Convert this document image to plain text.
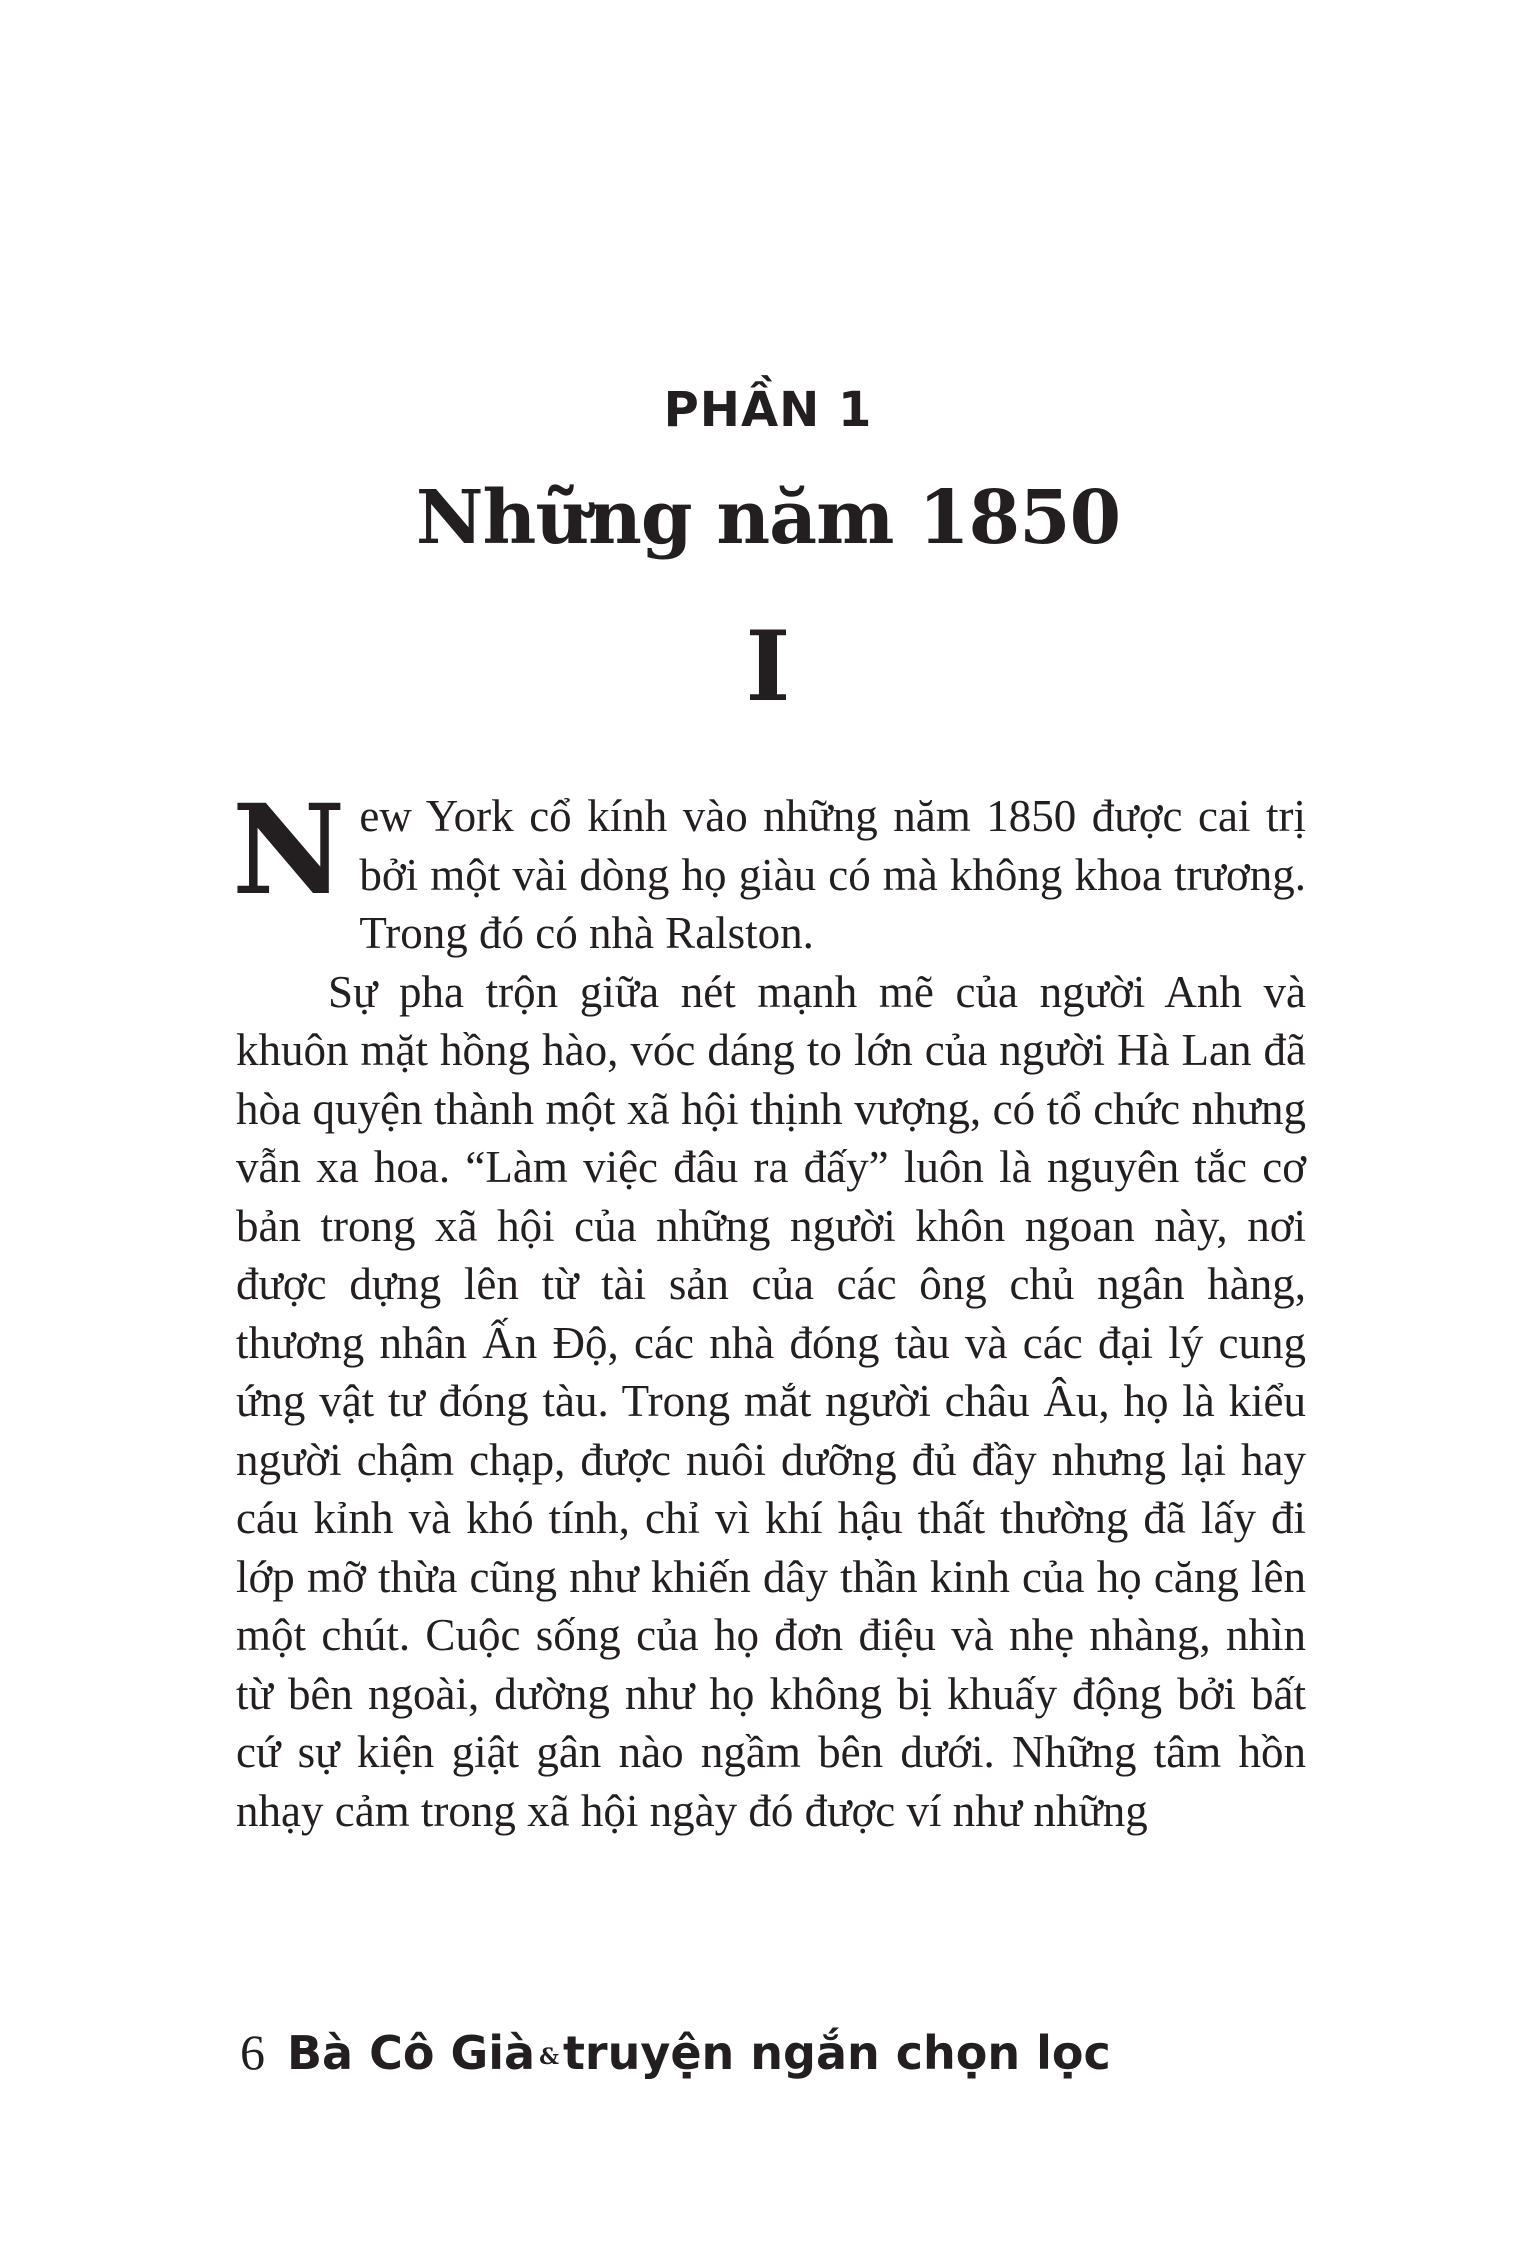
PHẦN 1
Những năm 1850
I

New York cổ kính vào những năm 1850 được cai trị bởi một vài dòng họ giàu có mà không khoa trương. Trong đó có nhà Ralston.

Sự pha trộn giữa nét mạnh mẽ của người Anh và khuôn mặt hồng hào, vóc dáng to lớn của người Hà Lan đã hòa quyện thành một xã hội thịnh vượng, có tổ chức nhưng vẫn xa hoa. “Làm việc đâu ra đấy” luôn là nguyên tắc cơ bản trong xã hội của những người khôn ngoan này, nơi được dựng lên từ tài sản của các ông chủ ngân hàng, thương nhân Ấn Độ, các nhà đóng tàu và các đại lý cung ứng vật tư đóng tàu. Trong mắt người châu Âu, họ là kiểu người chậm chạp, được nuôi dưỡng đủ đầy nhưng lại hay cáu kỉnh và khó tính, chỉ vì khí hậu thất thường đã lấy đi lớp mỡ thừa cũng như khiến dây thần kinh của họ căng lên một chút. Cuộc sống của họ đơn điệu và nhẹ nhàng, nhìn từ bên ngoài, dường như họ không bị khuấy động bởi bất cứ sự kiện giật gân nào ngầm bên dưới. Những tâm hồn nhạy cảm trong xã hội ngày đó được ví như những

6 Bà Cô Già &truyện ngắn chọn lọc
